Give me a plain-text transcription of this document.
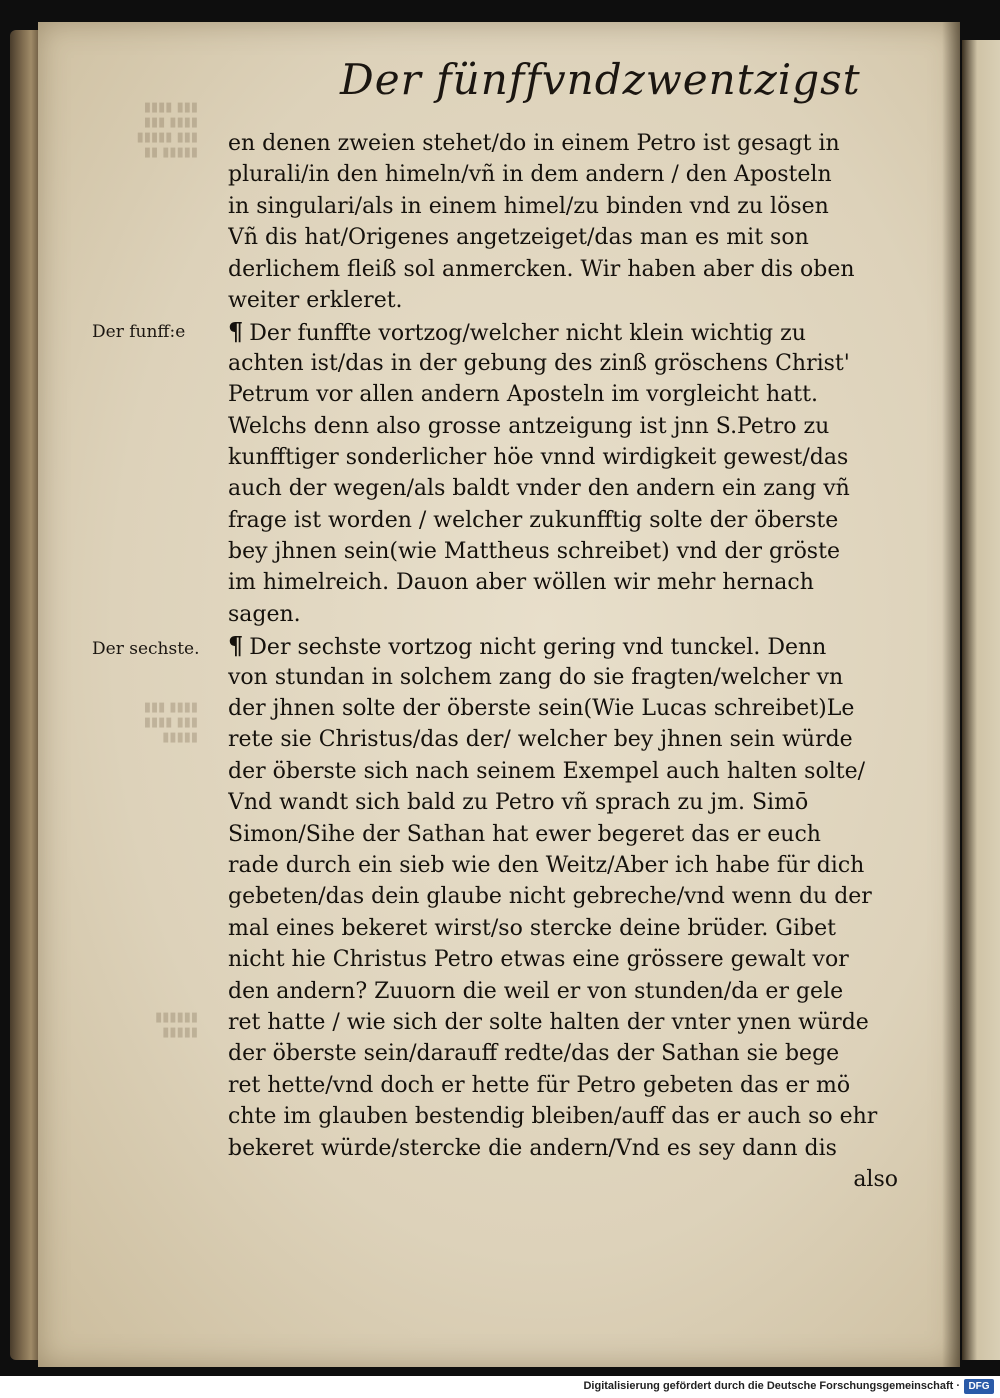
▮▮▮ ▮▮▮▮
▮▮▮▮ ▮▮▮
▮▮▮ ▮▮▮▮▮
▮▮▮▮▮ ▮▮
▮▮▮▮ ▮▮▮
▮▮▮ ▮▮▮▮
▮▮▮▮▮
▮▮▮▮▮▮
▮▮▮▮▮
Der fünffvndzwentzigst
Der funff:e
Der sechste.
en denen zweien stehet/do in einem Petro ist gesagt in
plurali/in den himeln/vñ in dem andern / den Aposteln
in singulari/als in einem himel/zu binden vnd zu lösen
Vñ dis hat/Origenes angetzeiget/das man es mit son
derlichem fleiß sol anmercken. Wir haben aber dis oben
weiter erkleret.
¶ Der funffte vortzog/welcher nicht klein wichtig zu
achten ist/das in der gebung des zinß gröschens Christ'
Petrum vor allen andern Aposteln im vorgleicht hatt.
Welchs denn also grosse antzeigung ist jnn S.Petro zu
kunfftiger sonderlicher höe vnnd wirdigkeit gewest/das
auch der wegen/als baldt vnder den andern ein zang vñ
frage ist worden / welcher zukunfftig solte der öberste
bey jhnen sein(wie Mattheus schreibet) vnd der gröste
im himelreich. Dauon aber wöllen wir mehr hernach
sagen.
¶ Der sechste vortzog nicht gering vnd tunckel. Denn
von stundan in solchem zang do sie fragten/welcher vn
der jhnen solte der öberste sein(Wie Lucas schreibet)Le
rete sie Christus/das der/ welcher bey jhnen sein würde
der öberste sich nach seinem Exempel auch halten solte/
Vnd wandt sich bald zu Petro vñ sprach zu jm. Simō
Simon/Sihe der Sathan hat ewer begeret das er euch
rade durch ein sieb wie den Weitz/Aber ich habe für dich
gebeten/das dein glaube nicht gebreche/vnd wenn du der
mal eines bekeret wirst/so stercke deine brüder. Gibet
nicht hie Christus Petro etwas eine grössere gewalt vor
den andern? Zuuorn die weil er von stunden/da er gele
ret hatte / wie sich der solte halten der vnter ynen würde
der öberste sein/darauff redte/das der Sathan sie bege
ret hette/vnd doch er hette für Petro gebeten das er mö
chte im glauben bestendig bleiben/auff das er auch so ehr
bekeret würde/stercke die andern/Vnd es sey dann dis
also
Digitalisierung gefördert durch die Deutsche Forschungsgemeinschaft · DFG
